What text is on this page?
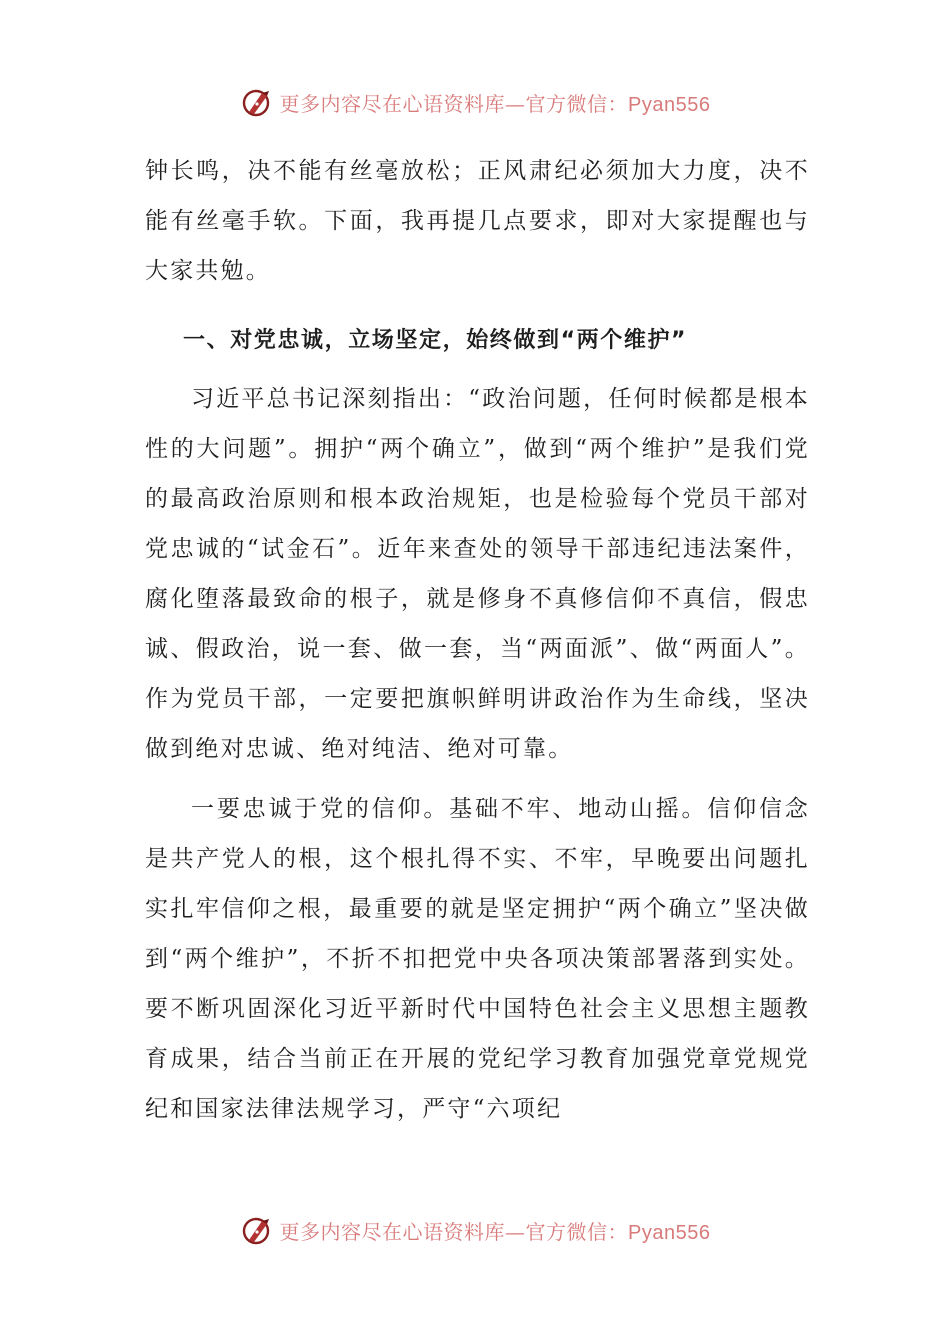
更多内容尽在心语资料库—官方微信：Pyan556

钟长鸣，决不能有丝毫放松；正风肃纪必须加大力度，决不能有丝毫手软。下面，我再提几点要求，即对大家提醒也与大家共勉。

一、对党忠诚，立场坚定，始终做到“两个维护”

习近平总书记深刻指出：“政治问题，任何时候都是根本性的大问题”。拥护“两个确立”，做到“两个维护”是我们党的最高政治原则和根本政治规矩，也是检验每个党员干部对党忠诚的“试金石”。近年来查处的领导干部违纪违法案件，腐化堕落最致命的根子，就是修身不真修信仰不真信，假忠诚、假政治，说一套、做一套，当“两面派”、做“两面人”。作为党员干部，一定要把旗帜鲜明讲政治作为生命线，坚决做到绝对忠诚、绝对纯洁、绝对可靠。

一要忠诚于党的信仰。基础不牢、地动山摇。信仰信念是共产党人的根，这个根扎得不实、不牢，早晚要出问题扎实扎牢信仰之根，最重要的就是坚定拥护“两个确立”坚决做到“两个维护”，不折不扣把党中央各项决策部署落到实处。要不断巩固深化习近平新时代中国特色社会主义思想主题教育成果，结合当前正在开展的党纪学习教育加强党章党规党纪和国家法律法规学习，严守“六项纪

更多内容尽在心语资料库—官方微信：Pyan556
